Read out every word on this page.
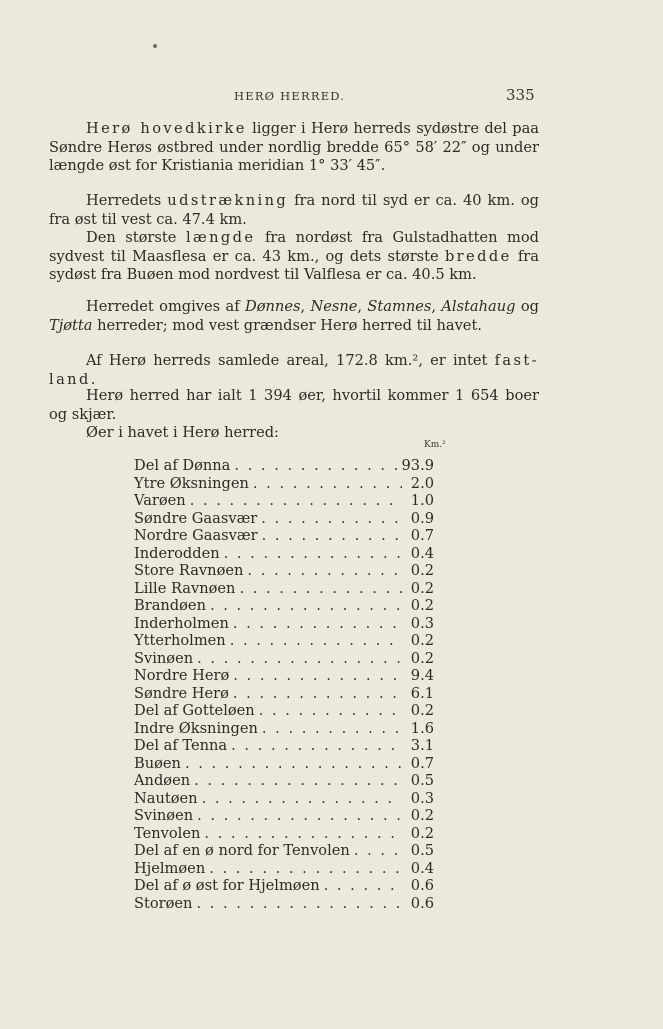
HERØ HERRED.	335

Herø hovedkirke ligger i Herø herreds sydøstre del paa Søndre Herøs østbred under nordlig bredde 65° 58′ 22″ og under længde øst for Kristiania meridian 1° 33′ 45″.

Herredets udstrækning fra nord til syd er ca. 40 km. og fra øst til vest ca. 47.4 km.
Den største længde fra nordøst fra Gulstadhatten mod sydvest til Maasflesa er ca. 43 km., og dets største bredde fra sydøst fra Buøen mod nordvest til Valflesa er ca. 40.5 km.

Herredet omgives af Dønnes, Nesne, Stamnes, Alstahaug og Tjøtta herreder; mod vest grændser Herø herred til havet.

Af Herø herreds samlede areal, 172.8 km.², er intet fast-land.

Herø herred har ialt 1 394 øer, hvortil kommer 1 654 boer og skjær.

Øer i havet i Herø herred:

Km.²
Del af Dønna . . .	93.9
Ytre Øksningen . . .	2.0
Varøen . . .	1.0
Søndre Gaasvær . . .	0.9
Nordre Gaasvær . . .	0.7
Inderodden . . .	0.4
Store Ravnøen . . .	0.2
Lille Ravnøen . . .	0.2
Brandøen . . .	0.2
Inderholmen . . .	0.3
Ytterholmen . . .	0.2
Svinøen . . .	0.2
Nordre Herø . . .	9.4
Søndre Herø . . .	6.1
Del af Gotteløen . . .	0.2
Indre Øksningen . . .	1.6
Del af Tenna . . .	3.1
Buøen . . .	0.7
Andøen . . .	0.5
Nautøen . . .	0.3
Svinøen . . .	0.2
Tenvolen . . .	0.2
Del af en ø nord for Tenvolen . . .	0.5
Hjelmøen . . .	0.4
Del af ø øst for Hjelmøen . . .	0.6
Storøen . . .	0.6
